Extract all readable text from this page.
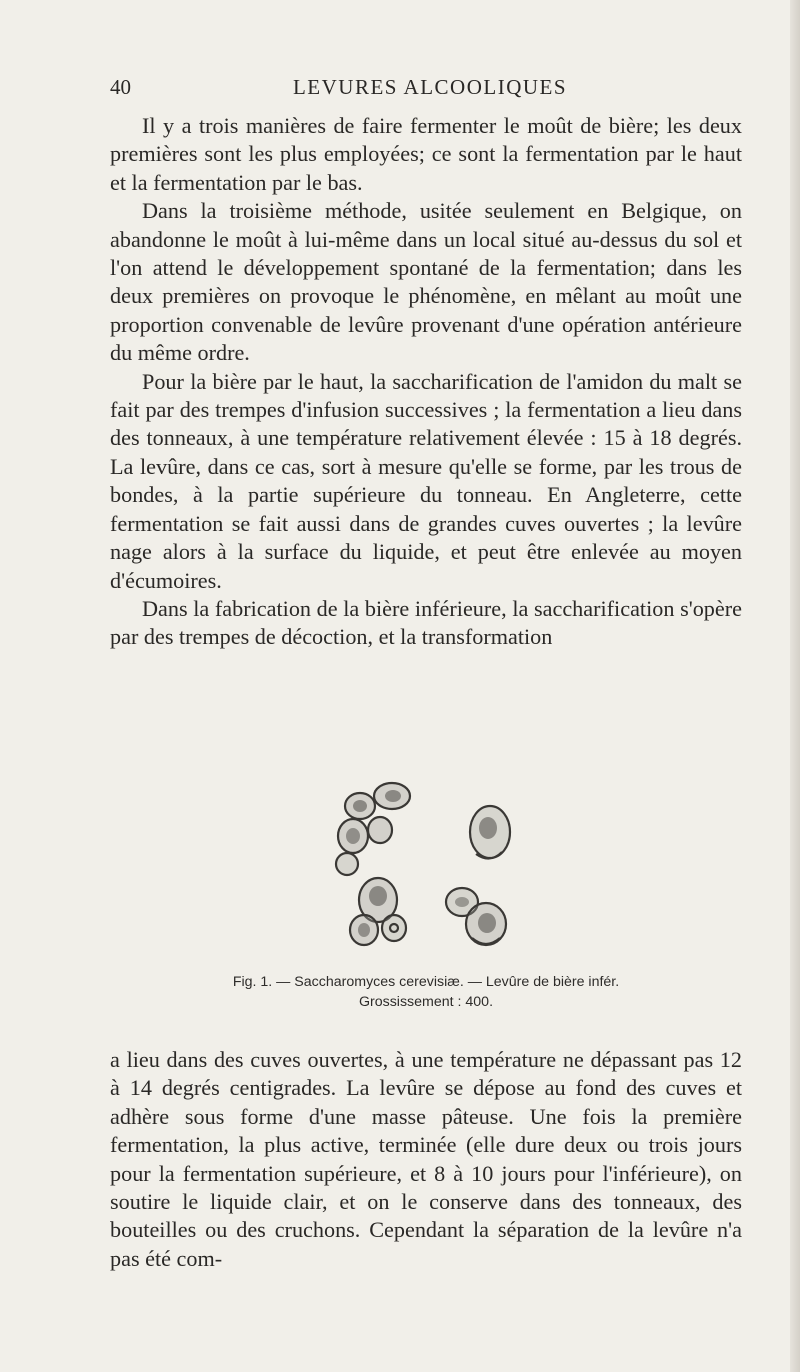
40	LEVURES ALCOOLIQUES

Il y a trois manières de faire fermenter le moût de bière; les deux premières sont les plus employées; ce sont la fermentation par le haut et la fermentation par le bas.

Dans la troisième méthode, usitée seulement en Belgique, on abandonne le moût à lui-même dans un local situé au-dessus du sol et l'on attend le développement spontané de la fermentation; dans les deux premières on provoque le phénomène, en mêlant au moût une proportion convenable de levûre provenant d'une opération antérieure du même ordre.

Pour la bière par le haut, la saccharification de l'amidon du malt se fait par des trempes d'infusion successives ; la fermentation a lieu dans des tonneaux, à une température relativement élevée : 15 à 18 degrés. La levûre, dans ce cas, sort à mesure qu'elle se forme, par les trous de bondes, à la partie supérieure du tonneau. En Angleterre, cette fermentation se fait aussi dans de grandes cuves ouvertes ; la levûre nage alors à la surface du liquide, et peut être enlevée au moyen d'écumoires.

Dans la fabrication de la bière inférieure, la saccharification s'opère par des trempes de décoction, et la transformation

Fig. 1. — Saccharomyces cerevisiæ. — Levûre de bière infér.
Grossissement : 400.

a lieu dans des cuves ouvertes, à une température ne dépassant pas 12 à 14 degrés centigrades. La levûre se dépose au fond des cuves et adhère sous forme d'une masse pâteuse. Une fois la première fermentation, la plus active, terminée (elle dure deux ou trois jours pour la fermentation supérieure, et 8 à 10 jours pour l'inférieure), on soutire le liquide clair, et on le conserve dans des tonneaux, des bouteilles ou des cruchons. Cependant la séparation de la levûre n'a pas été com-
